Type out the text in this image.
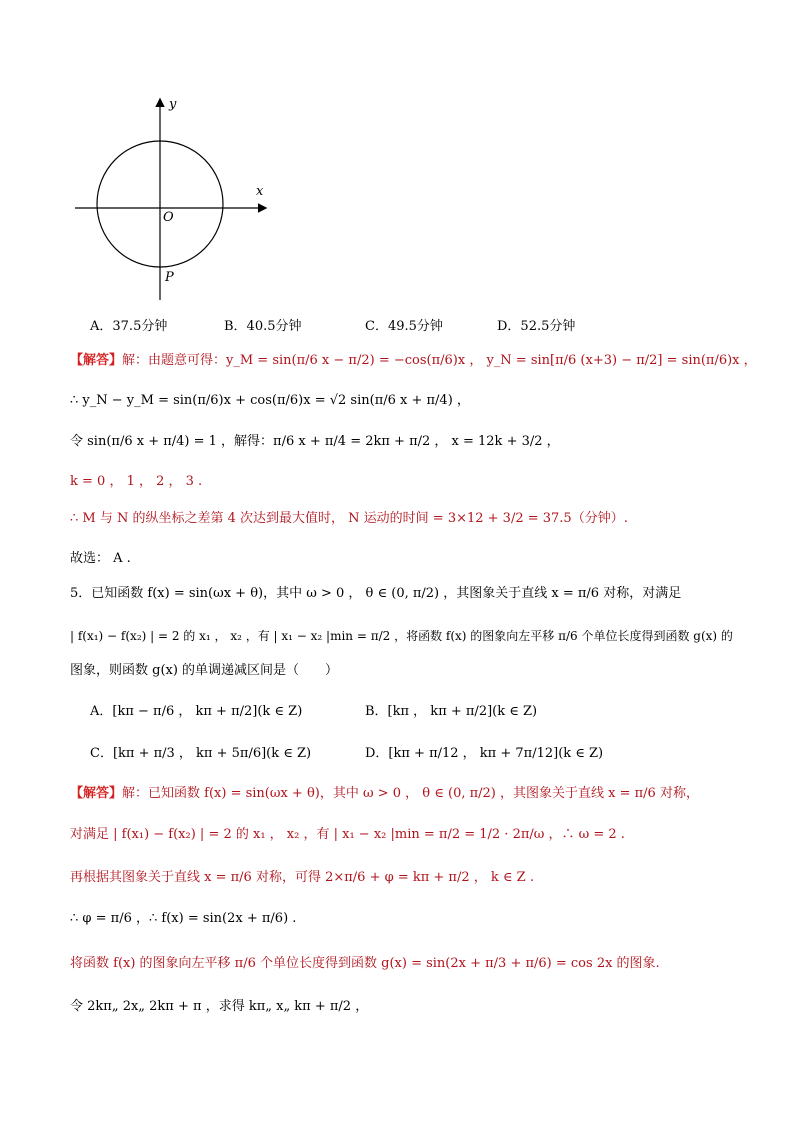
x
y
O
P
A．37.5分钟	B．40.5分钟	C．49.5分钟	D．52.5分钟
【解答】解：由题意可得：y_M = sin(π/6 x − π/2) = −cos(π/6)x ， y_N = sin[π/6 (x+3) − π/2] = sin(π/6)x ，
∴ y_N − y_M = sin(π/6)x + cos(π/6)x = √2 sin(π/6 x + π/4) ，
令 sin(π/6 x + π/4) = 1 ，解得：π/6 x + π/4 = 2kπ + π/2 ， x = 12k + 3/2 ，
k = 0 ， 1 ， 2 ， 3 .
∴ M 与 N 的纵坐标之差第 4 次达到最大值时， N 运动的时间 = 3×12 + 3/2 = 37.5（分钟）.
故选： A .
5．已知函数 f(x) = sin(ωx + θ)，其中 ω > 0 ， θ ∈ (0, π/2) ，其图象关于直线 x = π/6 对称，对满足
| f(x₁) − f(x₂) | = 2 的 x₁ ， x₂ ，有 | x₁ − x₂ |min = π/2 ，将函数 f(x) 的图象向左平移 π/6 个单位长度得到函数 g(x) 的
图象，则函数 g(x) 的单调递减区间是（　　）
A．[kπ − π/6 ， kπ + π/2](k ∈ Z)	B．[kπ ， kπ + π/2](k ∈ Z)
C．[kπ + π/3 ， kπ + 5π/6](k ∈ Z)	D．[kπ + π/12 ， kπ + 7π/12](k ∈ Z)
【解答】解：已知函数 f(x) = sin(ωx + θ)，其中 ω > 0 ， θ ∈ (0, π/2) ，其图象关于直线 x = π/6 对称，
对满足 | f(x₁) − f(x₂) | = 2 的 x₁ ， x₂ ，有 | x₁ − x₂ |min = π/2 = 1/2 · 2π/ω ，∴ ω = 2 .
再根据其图象关于直线 x = π/6 对称，可得 2×π/6 + φ = kπ + π/2 ， k ∈ Z .
∴ φ = π/6 ，∴ f(x) = sin(2x + π/6) .
将函数 f(x) 的图象向左平移 π/6 个单位长度得到函数 g(x) = sin(2x + π/3 + π/6) = cos 2x 的图象.
令 2kπ„ 2x„ 2kπ + π ，求得 kπ„ x„ kπ + π/2 ，
